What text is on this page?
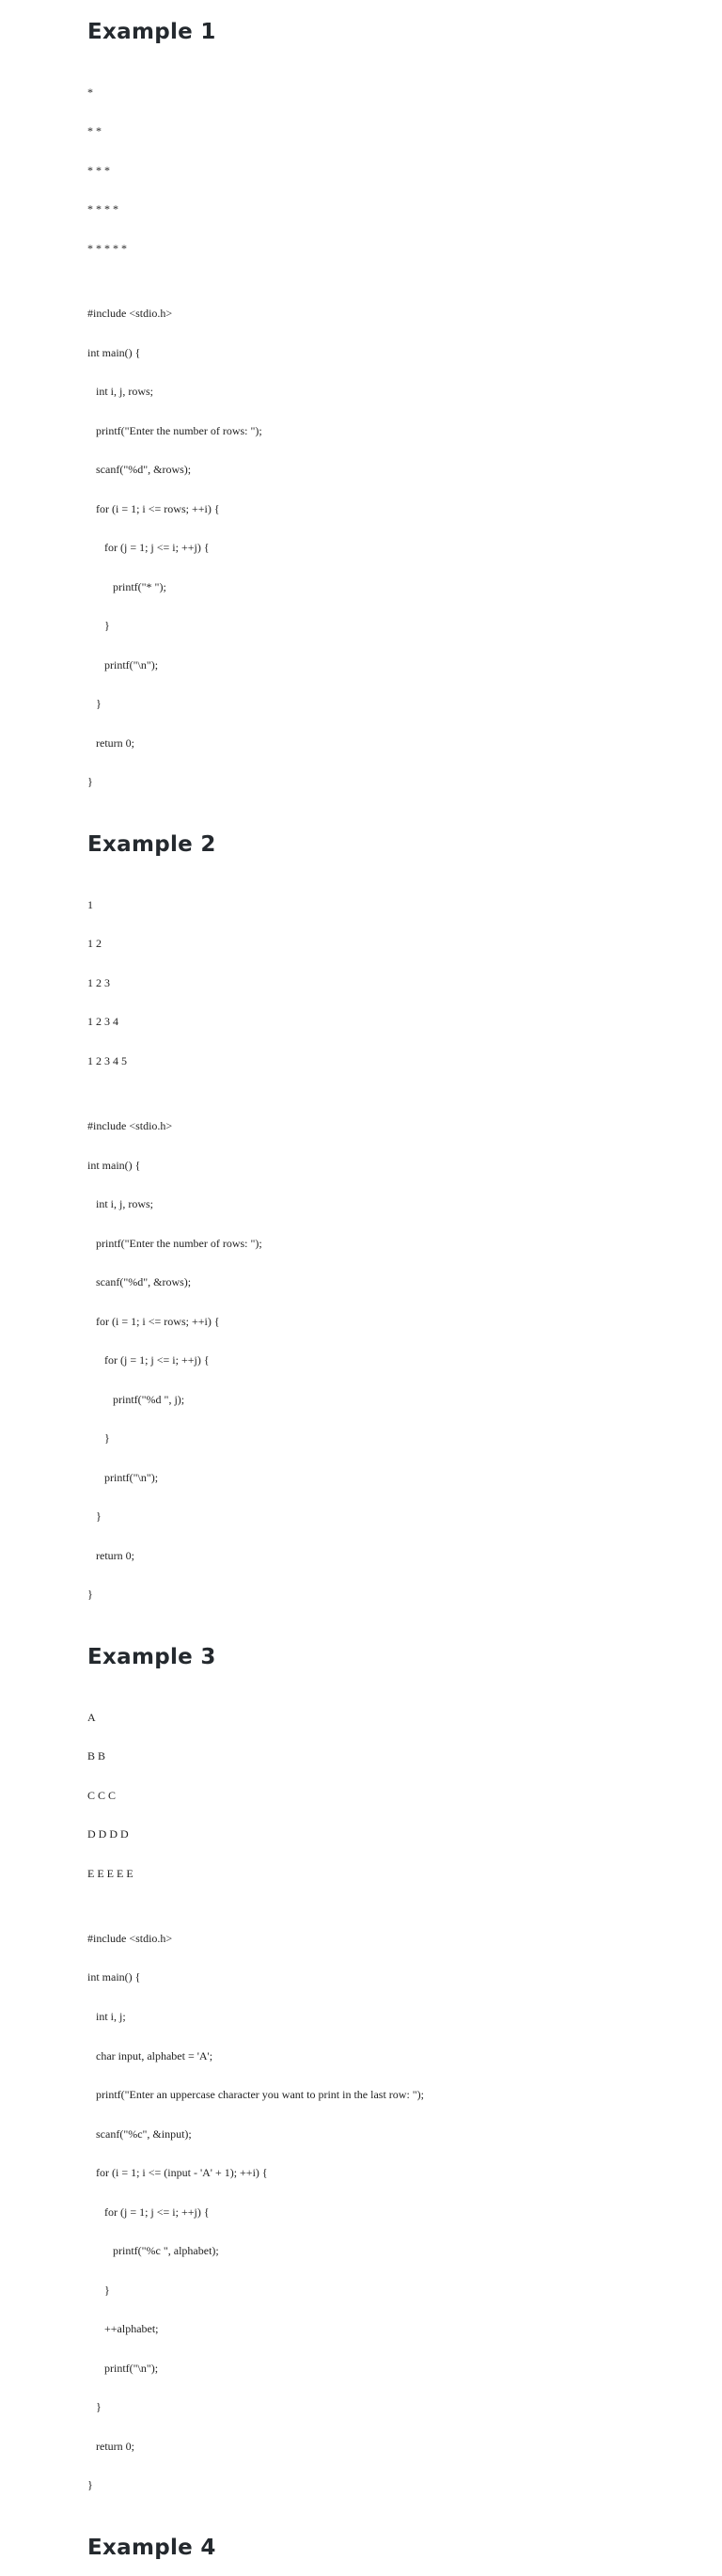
Example 1

*

* *

* * *

* * * *

* * * * *

#include <stdio.h>

int main() {

int i, j, rows;

printf("Enter the number of rows: ");

scanf("%d", &rows);

for (i = 1; i <= rows; ++i) {

for (j = 1; j <= i; ++j) {

printf("* ");

}

printf("\n");

}

return 0;

}

Example 2

1

1 2

1 2 3

1 2 3 4

1 2 3 4 5

#include <stdio.h>

int main() {

int i, j, rows;

printf("Enter the number of rows: ");

scanf("%d", &rows);

for (i = 1; i <= rows; ++i) {

for (j = 1; j <= i; ++j) {

printf("%d ", j);

}

printf("\n");

}

return 0;

}

Example 3

A

B B

C C C

D D D D

E E E E E

#include <stdio.h>

int main() {

int i, j;

char input, alphabet = 'A';

printf("Enter an uppercase character you want to print in the last row: ");

scanf("%c", &input);

for (i = 1; i <= (input - 'A' + 1); ++i) {

for (j = 1; j <= i; ++j) {

printf("%c ", alphabet);

}

++alphabet;

printf("\n");

}

return 0;

}

Example 4
